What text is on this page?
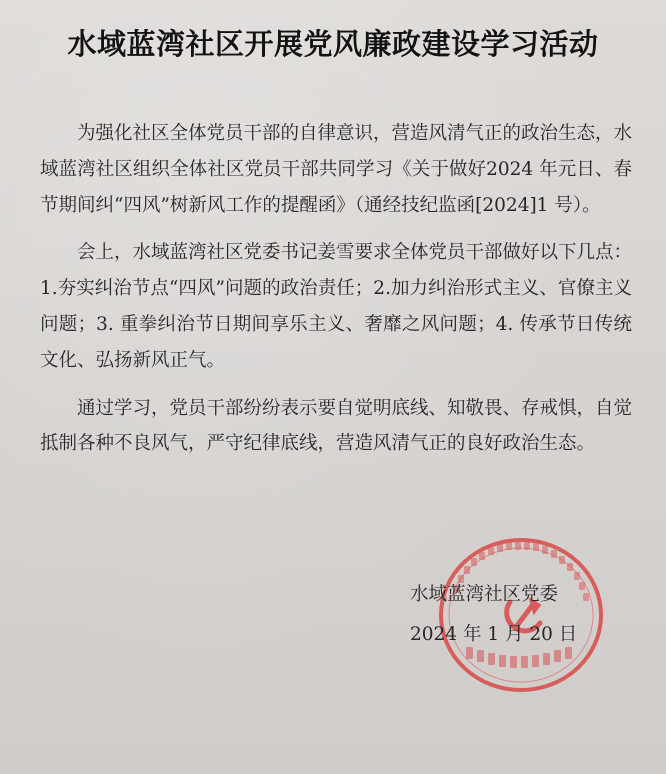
水域蓝湾社区开展党风廉政建设学习活动

为强化社区全体党员干部的自律意识，营造风清气正的政治生态，水域蓝湾社区组织全体社区党员干部共同学习《关于做好2024 年元日、春节期间纠“四风”树新风工作的提醒函》（通经技纪监函[2024]1 号）。

会上，水域蓝湾社区党委书记姜雪要求全体党员干部做好以下几点：1.夯实纠治节点“四风”问题的政治责任；2.加力纠治形式主义、官僚主义问题；3. 重拳纠治节日期间享乐主义、奢靡之风问题；4. 传承节日传统文化、弘扬新风正气。

通过学习，党员干部纷纷表示要自觉明底线、知敬畏、存戒惧，自觉抵制各种不良风气，严守纪律底线，营造风清气正的良好政治生态。

水域蓝湾社区党委
2024 年 1 月 20 日
